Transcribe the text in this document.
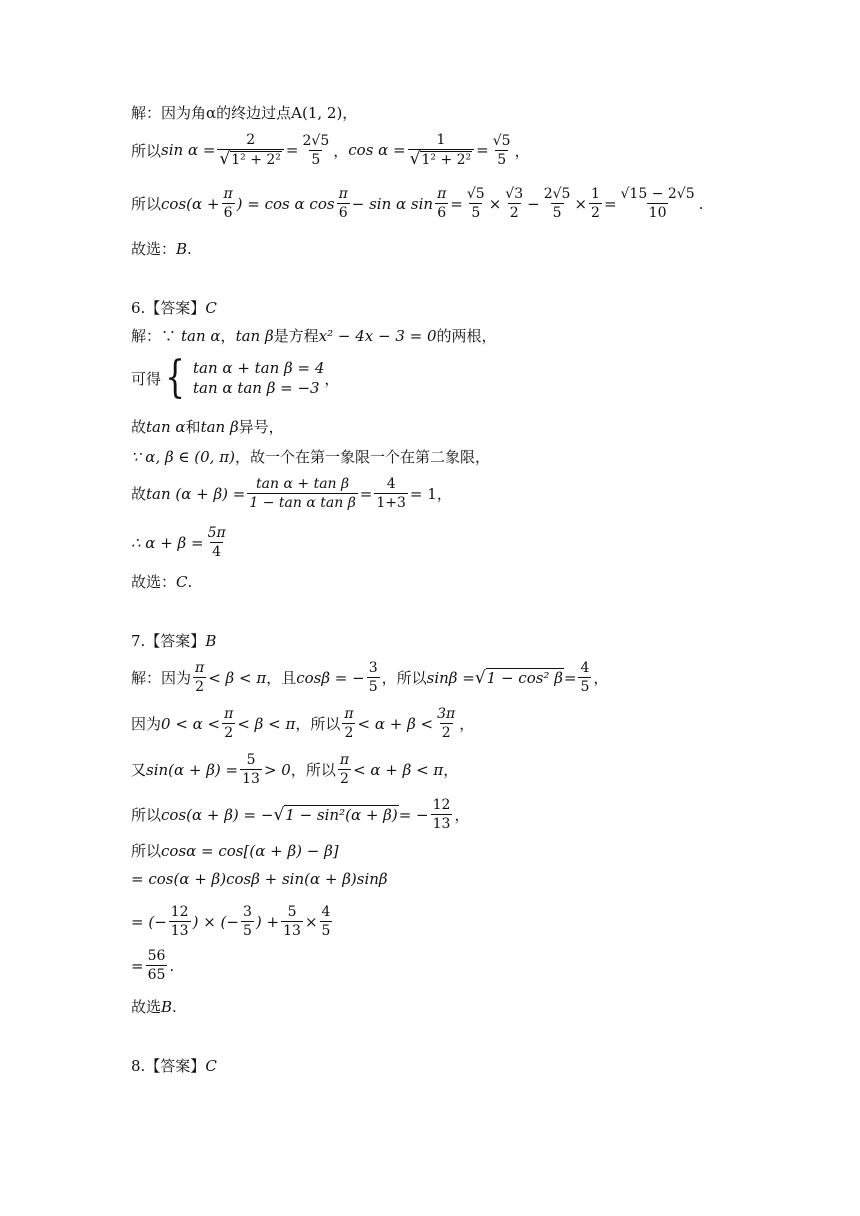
解：因为角α的终边过点A(1, 2)，
所以 $\sin \alpha = \frac{2}{\text{√ 1² + 2²}} = \frac{2√5}{5}$ ， $\cos \alpha = \frac{1}{\text{√ 1² + 2²}} = \frac{√5}{5}$ ，
所以 $\cos(\alpha + \frac{\pi}{6}$ ) = cos α $\cos \frac{\pi}{6} - \sin \alpha$ $\sin \frac{\pi}{6} = \frac{√5}{5} \times \frac{√3}{2} - \frac{2√5}{5} \times \frac{1}{2} = \frac{√15 - 2√5}{10}$ .
故选： B .
6.【答案】 C
解：∵ tan α ， tan β 是方程 x² − 4x − 3 = 0 的两根，
可得 { tan α + tan β = 4
tan α tan β = −3
，
故 tan α 和 tan β 异号，
∵ α, β ∈ (0, π) ，故一个在第一象限一个在第二象限，
故 $\tan (\alpha + \beta) = \frac{\text{tan α + tan β}}{\text{1 − tan α tan β}} = \frac{4}{1+3} = 1$ ，
∴ $\alpha + \beta = \frac{5\pi}{4}$
故选： C .
7.【答案】 B
解：因为 $\frac{\pi}{2} < \beta < \pi$ ，且 cosβ = − $\frac{3}{5}$ ，所以 sinβ = √ 1 − cos² $\beta = \frac{4}{5}$ ，
因为 $0 < \alpha < \frac{\pi}{2} < \beta < \pi$ ，所以 $\frac{\pi}{2} < \alpha + \beta < \frac{3\pi}{2}$ ，
又 $\sin(\alpha + \beta) = \frac{5}{13} > 0$ ，所以 $\frac{\pi}{2} < \alpha + \beta < \pi$ ，
所以 cos(α + β) = − √ 1 − sin²(α + β) = − $\frac{12}{13}$ ，
所以 cosα = cos[(α + β) − β]
= cos(α + β)cosβ + sin(α + β)sinβ
= (− $\frac{12}{13}$ ) × (− $\frac{3}{5}$ ) + $\frac{5}{13} \times \frac{4}{5}$
= $\frac{56}{65}$ .
故选 B .
8.【答案】 C
